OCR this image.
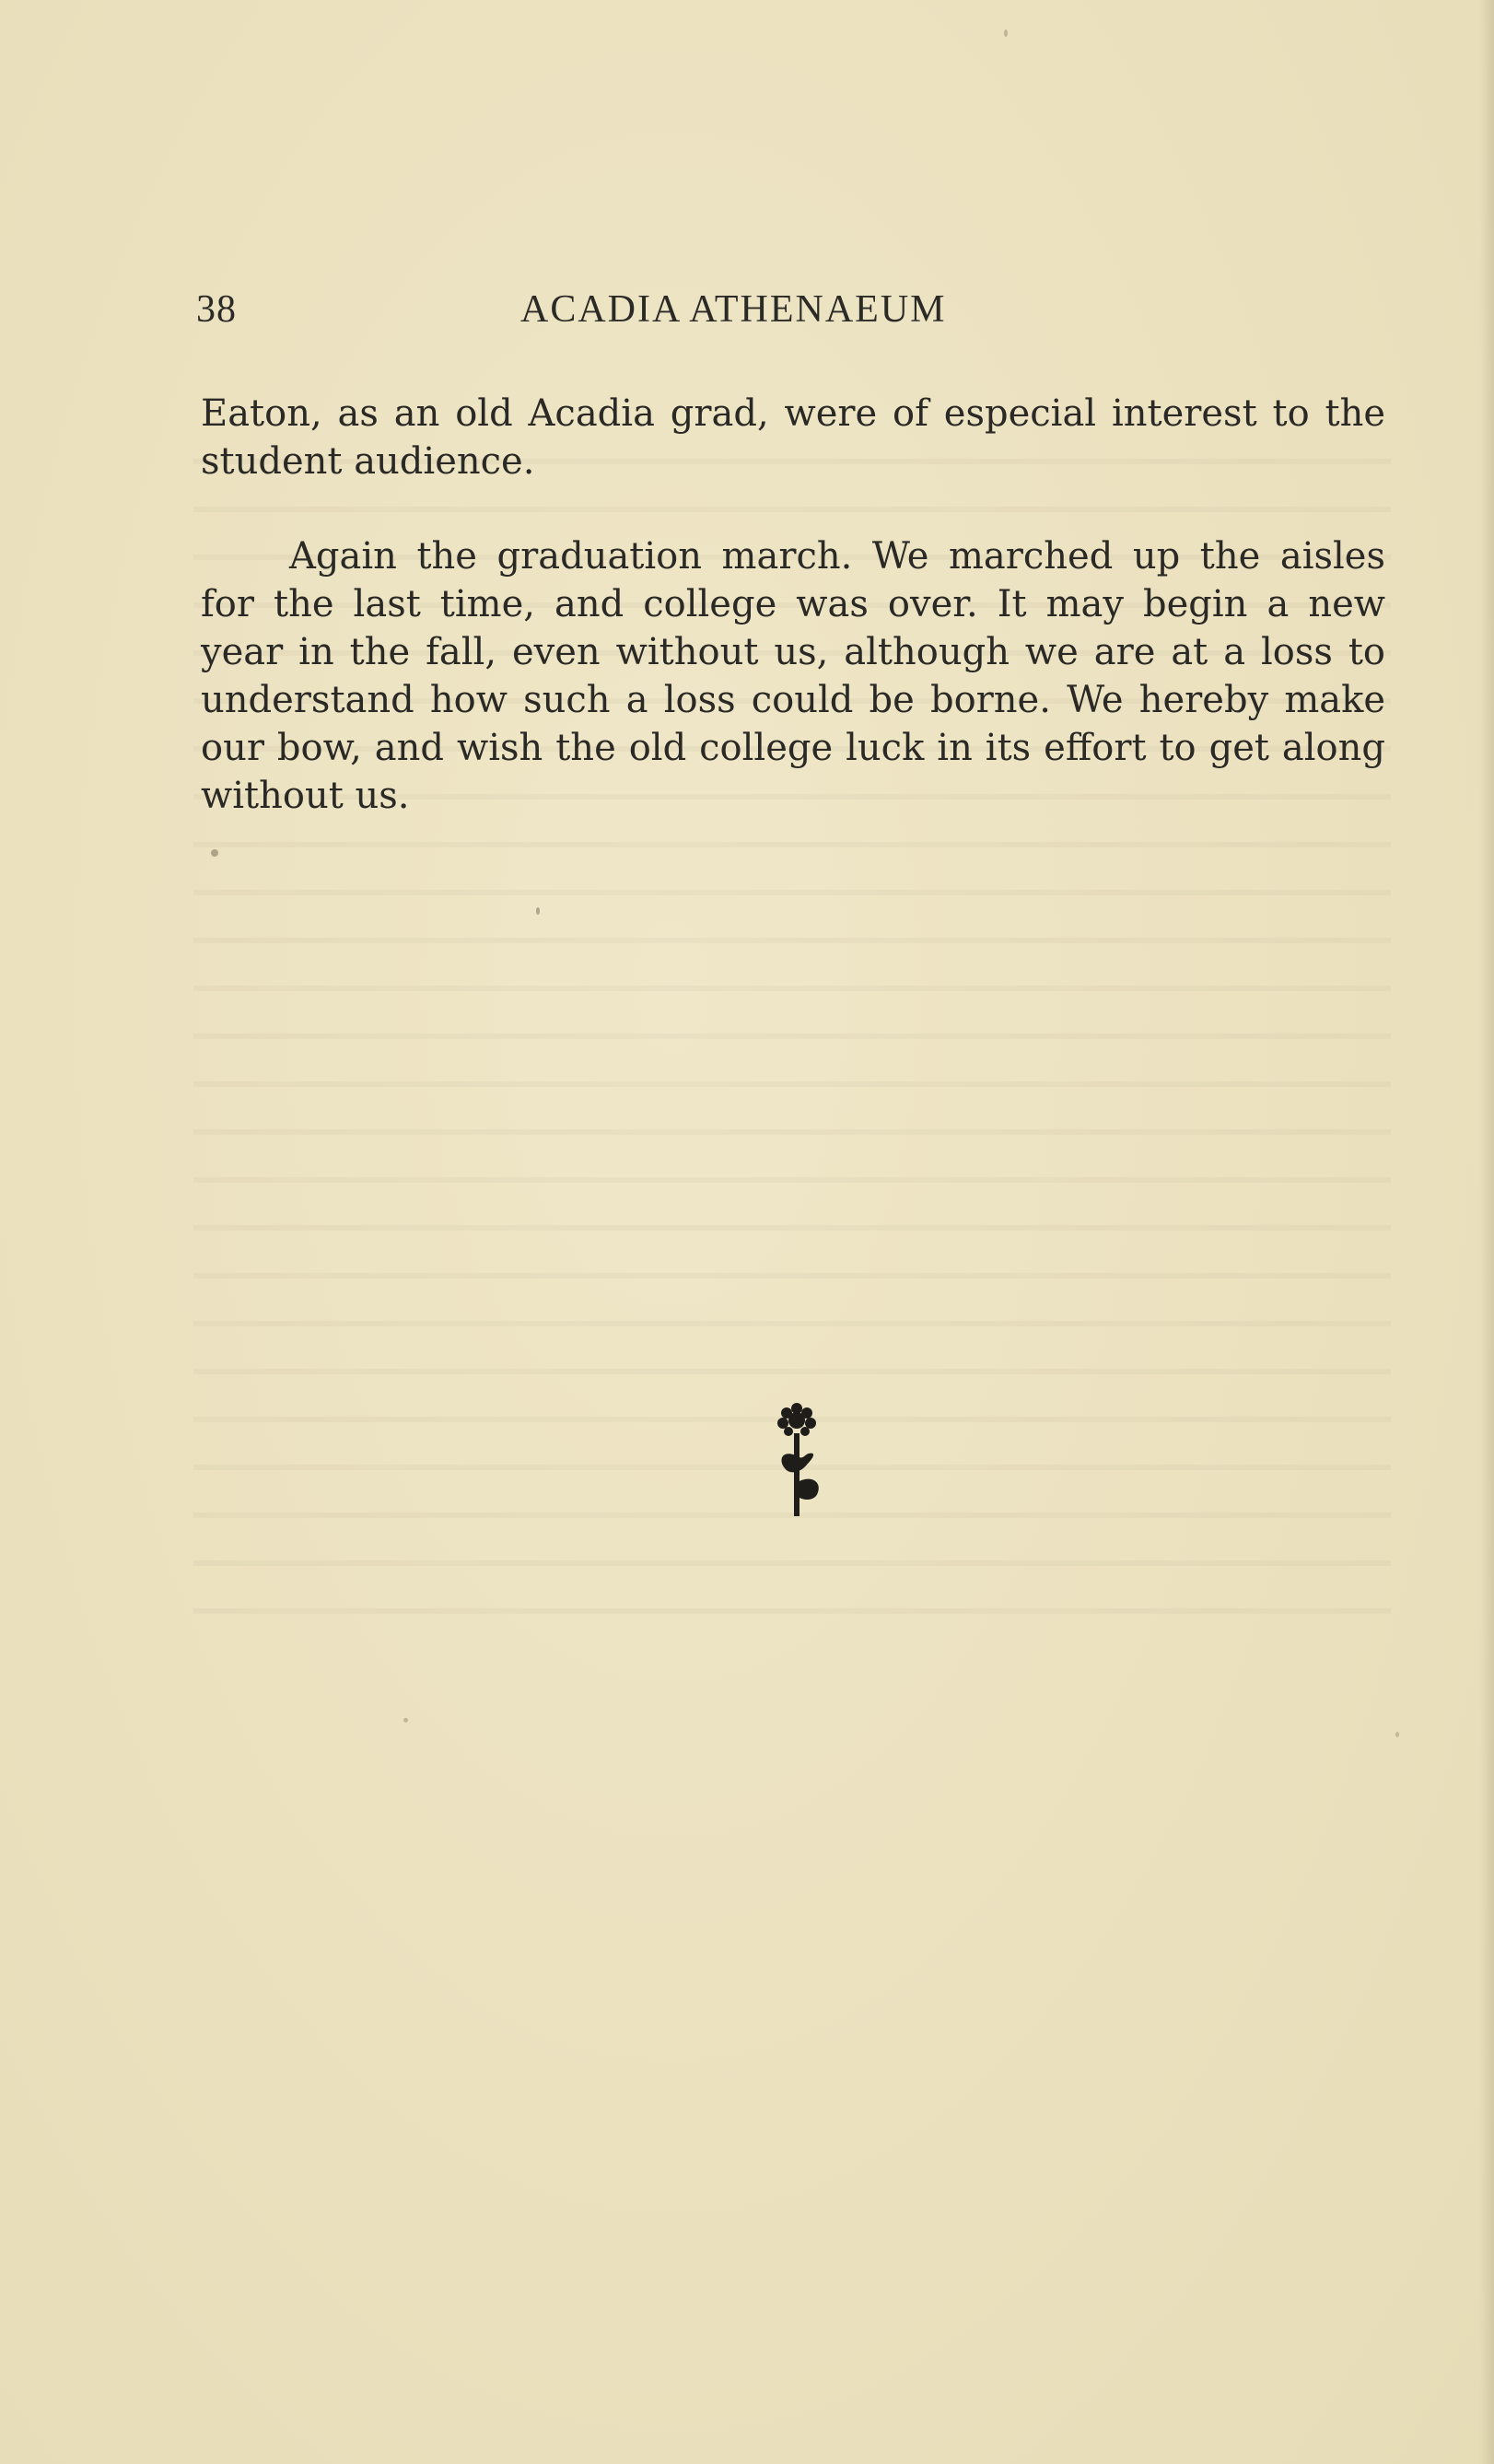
38	ACADIA ATHENAEUM
Eaton, as an old Acadia grad, were of especial interest to the
student audience.
Again the graduation march. We marched up the aisles
for the last time, and college was over. It may begin a new
year in the fall, even without us, although we are at a loss to
understand how such a loss could be borne. We hereby make
our bow, and wish the old college luck in its effort to get along
without us.
